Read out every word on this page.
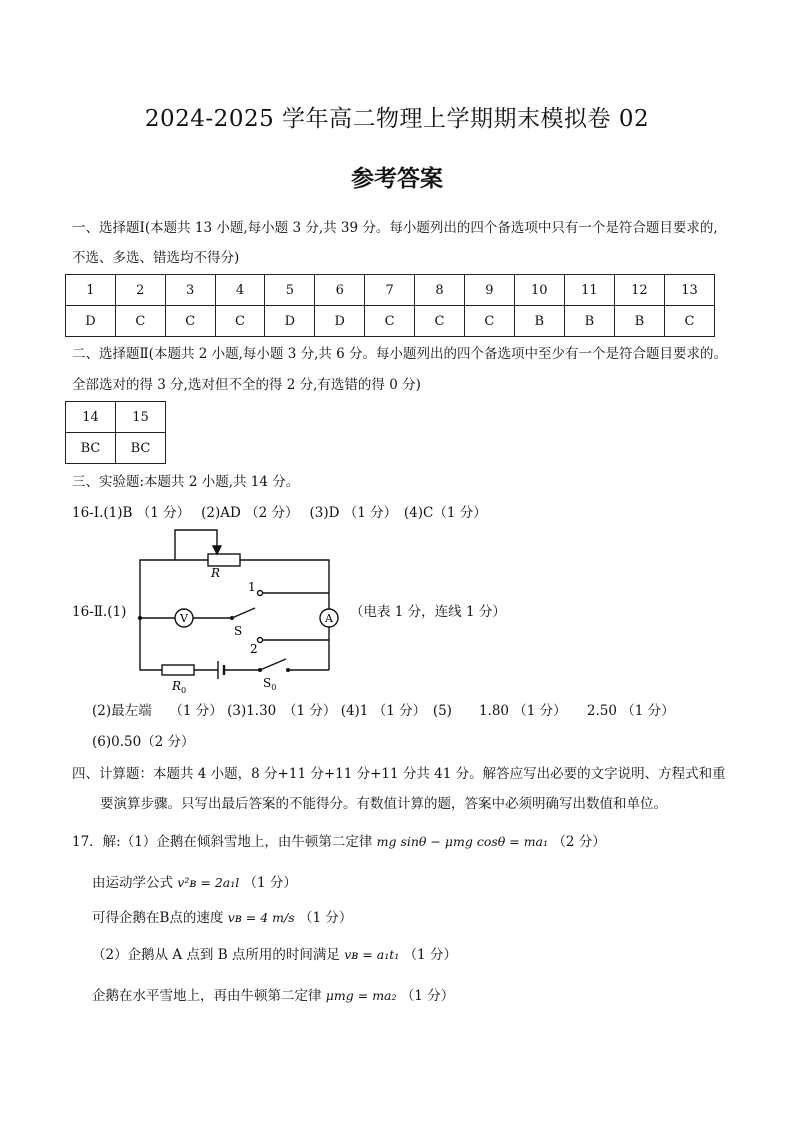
2024-2025 学年高二物理上学期期末模拟卷 02
参考答案
一、选择题Ⅰ(本题共 13 小题,每小题 3 分,共 39 分。每小题列出的四个备选项中只有一个是符合题目要求的,
不选、多选、错选均不得分)
1	2	3	4	5	6	7	8	9	10	11	12	13
D	C	C	C	D	D	C	C	C	B	B	B	C
二、选择题Ⅱ(本题共 2 小题,每小题 3 分,共 6 分。每小题列出的四个备选项中至少有一个是符合题目要求的。
全部选对的得 3 分,选对但不全的得 2 分,有选错的得 0 分)
14	15
BC	BC
三、实验题:本题共 2 小题,共 14 分。
16-Ⅰ.(1)B （1 分）　 (2)AD （2 分）　 (3)D （1 分）　(4)C（1 分）
16-Ⅱ.(1)
R
V	A
S
1
2
$R_0$
$S_0$
（电表 1 分，连线 1 分）
(2)最左端　 （1 分） (3)1.30　（1 分） (4)1 （1 分）　(5)　　1.80 （1 分）　　2.50 （1 分）
(6)0.50（2 分）
四、计算题：本题共 4 小题，8 分+11 分+11 分+11 分共 41 分。解答应写出必要的文字说明、方程式和重
要演算步骤。只写出最后答案的不能得分。有数值计算的题，答案中必须明确写出数值和单位。
17．解:（1）企鹅在倾斜雪地上，由牛顿第二定律 mg sinθ − μmg cosθ = ma₁ （2 分）
由运动学公式 v²ʙ = 2a₁l （1 分）
可得企鹅在B点的速度 vʙ = 4 m/s （1 分）
（2）企鹅从 A 点到 B 点所用的时间满足 vʙ = a₁t₁ （1 分）
企鹅在水平雪地上，再由牛顿第二定律 μmg = ma₂ （1 分）
